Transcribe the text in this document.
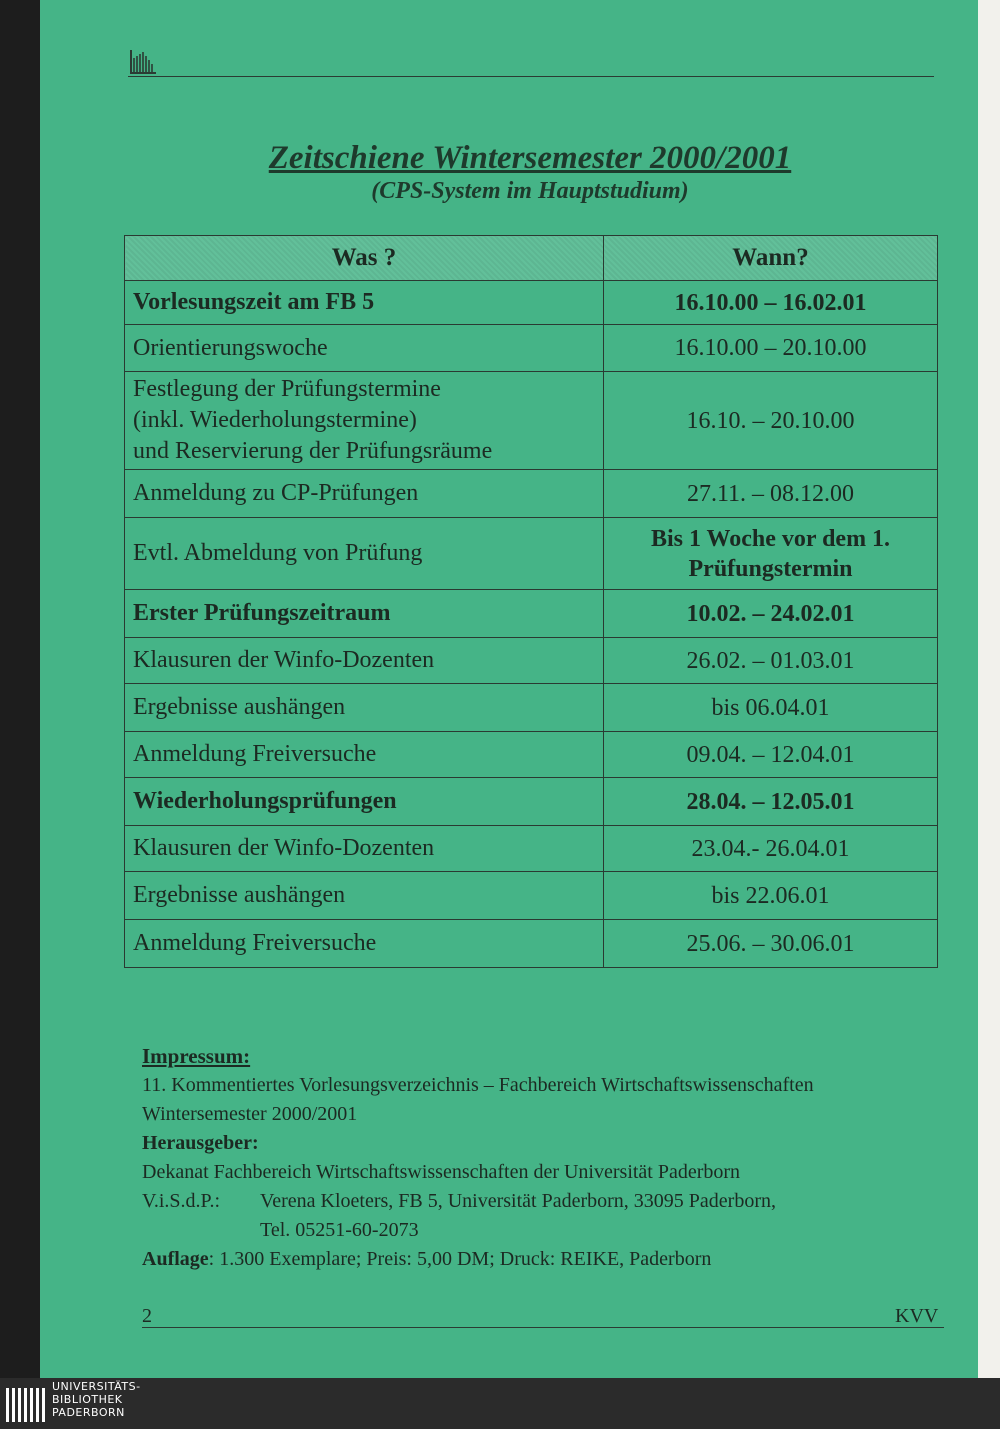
Zeitschiene Wintersemester 2000/2001
(CPS-System im Hauptstudium)
Was ?	Wann?
Vorlesungszeit am FB 5	16.10.00 – 16.02.01
Orientierungswoche	16.10.00 – 20.10.00
Festlegung der Prüfungstermine
(inkl. Wiederholungstermine)
und Reservierung der Prüfungsräume	16.10. – 20.10.00
Anmeldung zu CP-Prüfungen	27.11. – 08.12.00
Evtl. Abmeldung von Prüfung	Bis 1 Woche vor dem 1. Prüfungstermin
Erster Prüfungszeitraum	10.02. – 24.02.01
Klausuren der Winfo-Dozenten	26.02. – 01.03.01
Ergebnisse aushängen	bis 06.04.01
Anmeldung Freiversuche	09.04. – 12.04.01
Wiederholungsprüfungen	28.04. – 12.05.01
Klausuren der Winfo-Dozenten	23.04.- 26.04.01
Ergebnisse aushängen	bis 22.06.01
Anmeldung Freiversuche	25.06. – 30.06.01
Impressum:
11. Kommentiertes Vorlesungsverzeichnis – Fachbereich Wirtschaftswissenschaften
Wintersemester 2000/2001
Herausgeber:
Dekanat Fachbereich Wirtschaftswissenschaften der Universität Paderborn
V.i.S.d.P.:	Verena Kloeters, FB 5, Universität Paderborn, 33095 Paderborn,
Tel. 05251-60-2073
Auflage: 1.300 Exemplare; Preis: 5,00 DM; Druck: REIKE, Paderborn
2	KVV
UNIVERSITÄTS-
BIBLIOTHEK
PADERBORN
